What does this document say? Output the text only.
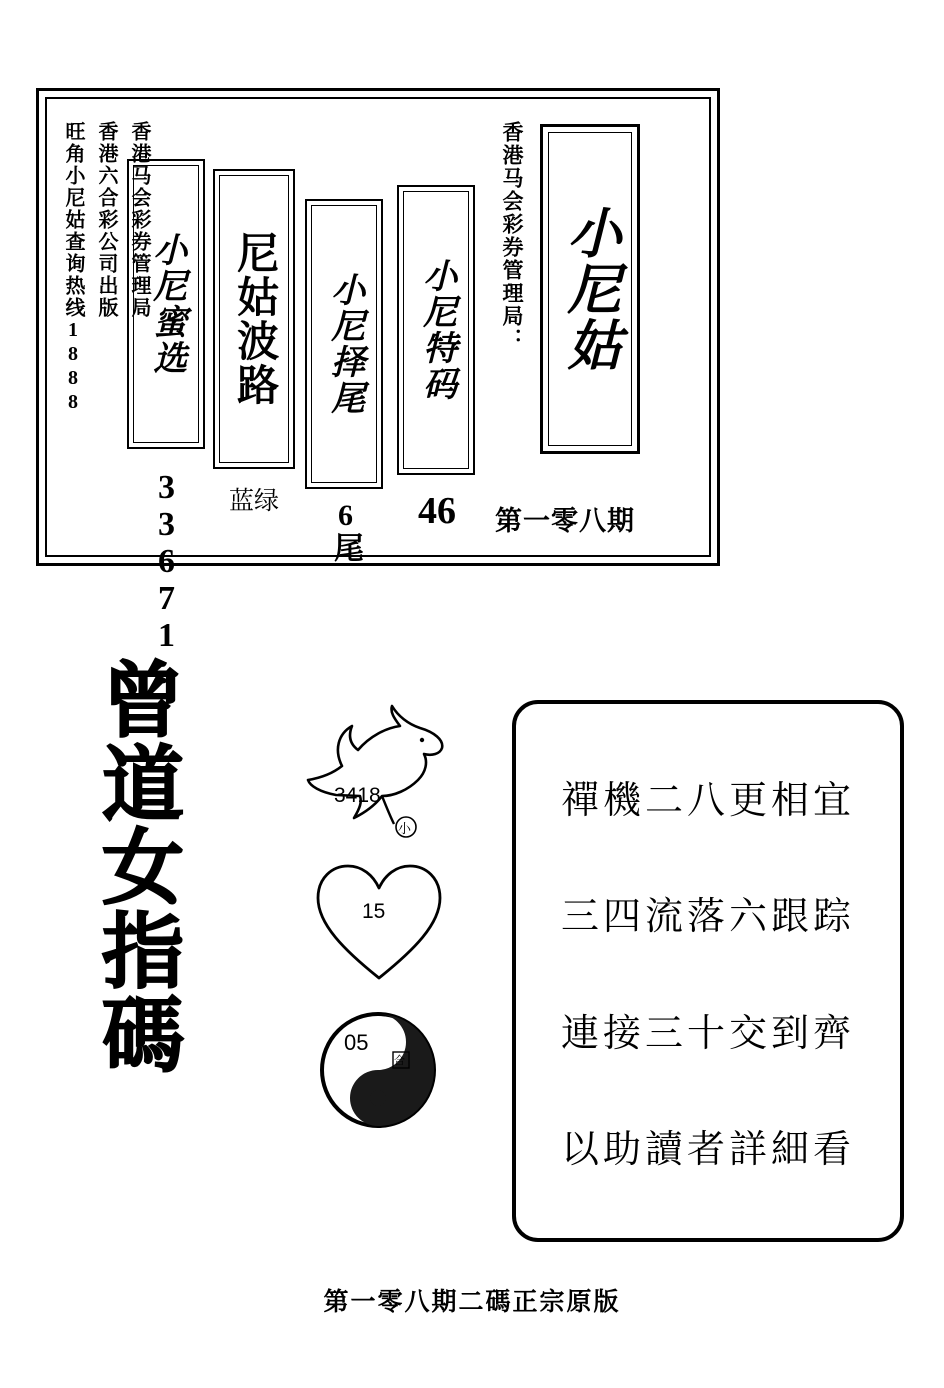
旺角小尼姑查询热线1888 香港六合彩公司出版 香港马会彩券管理局
小尼蜜选
33671
尼姑波路
蓝绿
小尼择尾
6尾
小尼特码
46
香港马会彩券管理局： 小尼姑
第一零八期
曾
道
女
指
碼
3418
小
15
05
合
禪機二八更相宜
三四流落六跟踪
連接三十交到齊
以助讀者詳細看
第一零八期二碼正宗原版
